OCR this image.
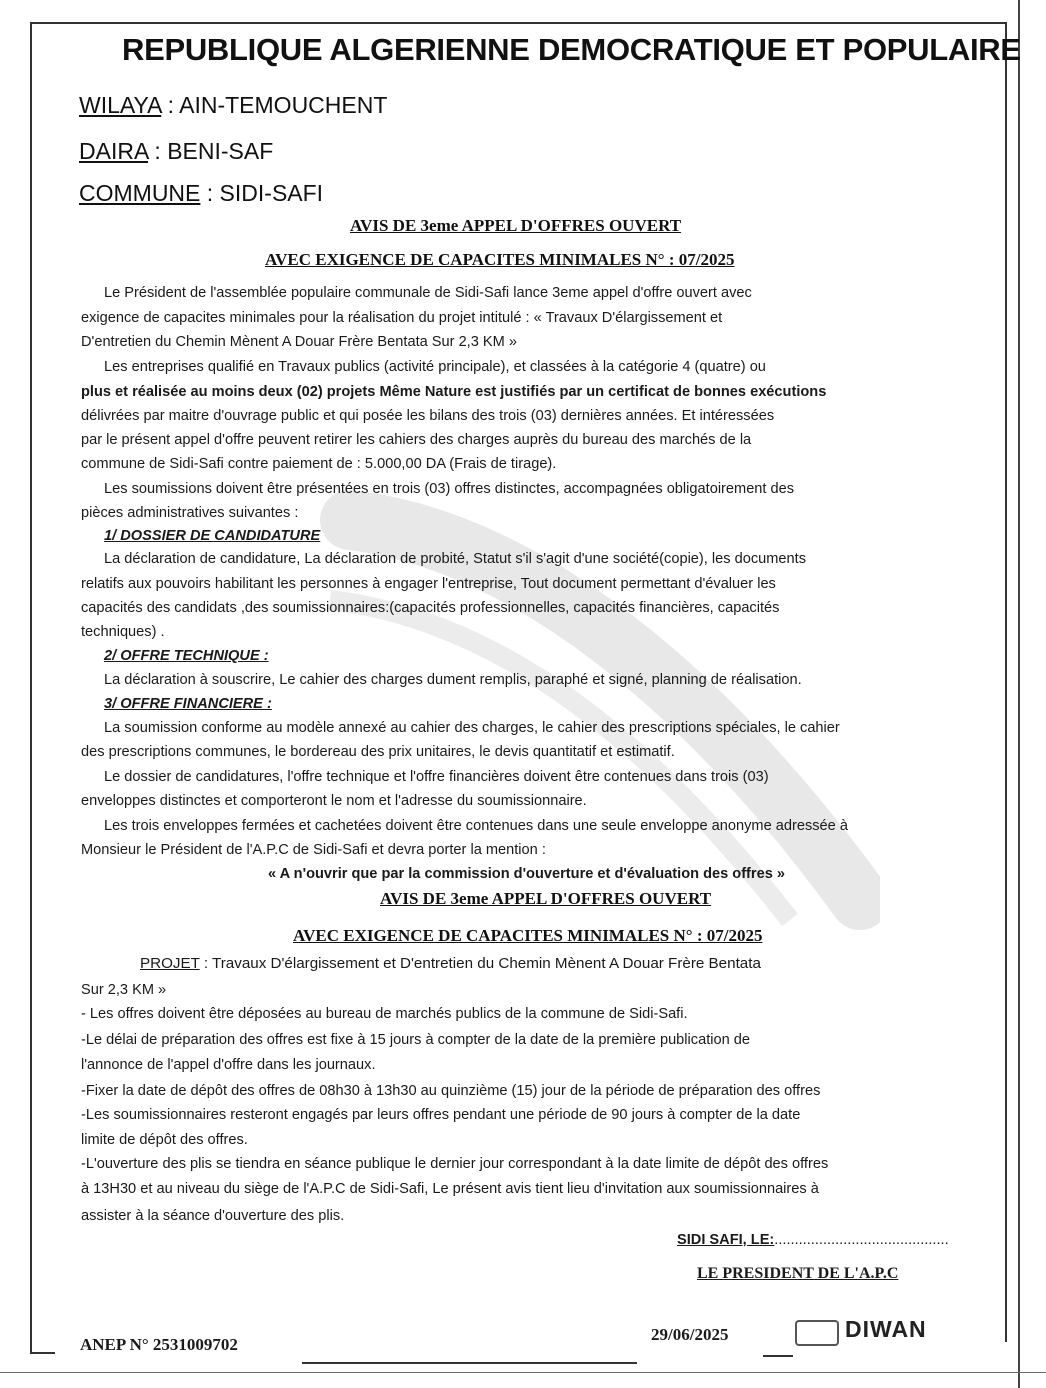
REPUBLIQUE ALGERIENNE DEMOCRATIQUE ET POPULAIRE

WILAYA : AIN-TEMOUCHENT

DAIRA : BENI-SAF

COMMUNE : SIDI-SAFI

AVIS DE 3eme APPEL D'OFFRES OUVERT

AVEC EXIGENCE DE CAPACITES MINIMALES N° : 07/2025

Le Président de l'assemblée populaire communale de Sidi-Safi lance 3eme appel d'offre ouvert avec

exigence de capacites minimales pour la réalisation du projet intitulé : « Travaux D'élargissement et

D'entretien du Chemin Mènent A Douar Frère Bentata Sur 2,3 KM »

Les entreprises qualifié en Travaux publics (activité principale), et classées à la catégorie 4 (quatre) ou

plus et réalisée au moins deux (02) projets Même Nature est justifiés par un certificat de bonnes exécutions

délivrées par maitre d'ouvrage public et qui posée les bilans des trois (03) dernières années. Et intéressées

par le présent appel d'offre peuvent retirer les cahiers des charges auprès du bureau des marchés de la

commune de Sidi-Safi contre paiement de : 5.000,00 DA (Frais de tirage).

Les soumissions doivent être présentées en trois (03) offres distinctes, accompagnées obligatoirement des

pièces administratives suivantes :

1/ DOSSIER DE CANDIDATURE

La déclaration de candidature, La déclaration de probité, Statut s'il s'agit d'une société(copie), les documents

relatifs aux pouvoirs habilitant les personnes à engager l'entreprise, Tout document permettant d'évaluer les

capacités des candidats ,des soumissionnaires:(capacités professionnelles, capacités financières, capacités

techniques) .

2/ OFFRE TECHNIQUE :

La déclaration à souscrire, Le cahier des charges dument remplis, paraphé et signé, planning de réalisation.

3/ OFFRE FINANCIERE :

La soumission conforme au modèle annexé au cahier des charges, le cahier des prescriptions spéciales, le cahier

des prescriptions communes, le bordereau des prix unitaires, le devis quantitatif et estimatif.

Le dossier de candidatures, l'offre technique et l'offre financières doivent être contenues dans trois (03)

enveloppes distinctes et comporteront le nom et l'adresse du soumissionnaire.

Les trois enveloppes fermées et cachetées doivent être contenues dans une seule enveloppe anonyme adressée à

Monsieur le Président de l'A.P.C de Sidi-Safi et devra porter la mention :

« A n'ouvrir que par la commission d'ouverture et d'évaluation des offres »

AVIS DE 3eme APPEL D'OFFRES OUVERT

AVEC EXIGENCE DE CAPACITES MINIMALES N° : 07/2025

PROJET : Travaux D'élargissement et D'entretien du Chemin Mènent A Douar Frère Bentata

Sur 2,3 KM »

- Les offres doivent être déposées au bureau de marchés publics de la commune de Sidi-Safi.

-Le délai de préparation des offres est fixe à 15 jours à compter de la date de la première publication de

l'annonce de l'appel d'offre dans les journaux.

-Fixer la date de dépôt des offres de 08h30 à 13h30 au quinzième (15) jour de la période de préparation des offres

-Les soumissionnaires resteront engagés par leurs offres pendant une période de 90 jours à compter de la date

limite de dépôt des offres.

-L'ouverture des plis se tiendra en séance publique le dernier jour correspondant à la date limite de dépôt des offres

à 13H30 et au niveau du siège de l'A.P.C de Sidi-Safi, Le présent avis tient lieu d'invitation aux soumissionnaires à

assister à la séance d'ouverture des plis.

SIDI SAFI, LE:...........................................

LE PRESIDENT DE L'A.P.C

ANEP N° 2531009702

29/06/2025	DIWAN
